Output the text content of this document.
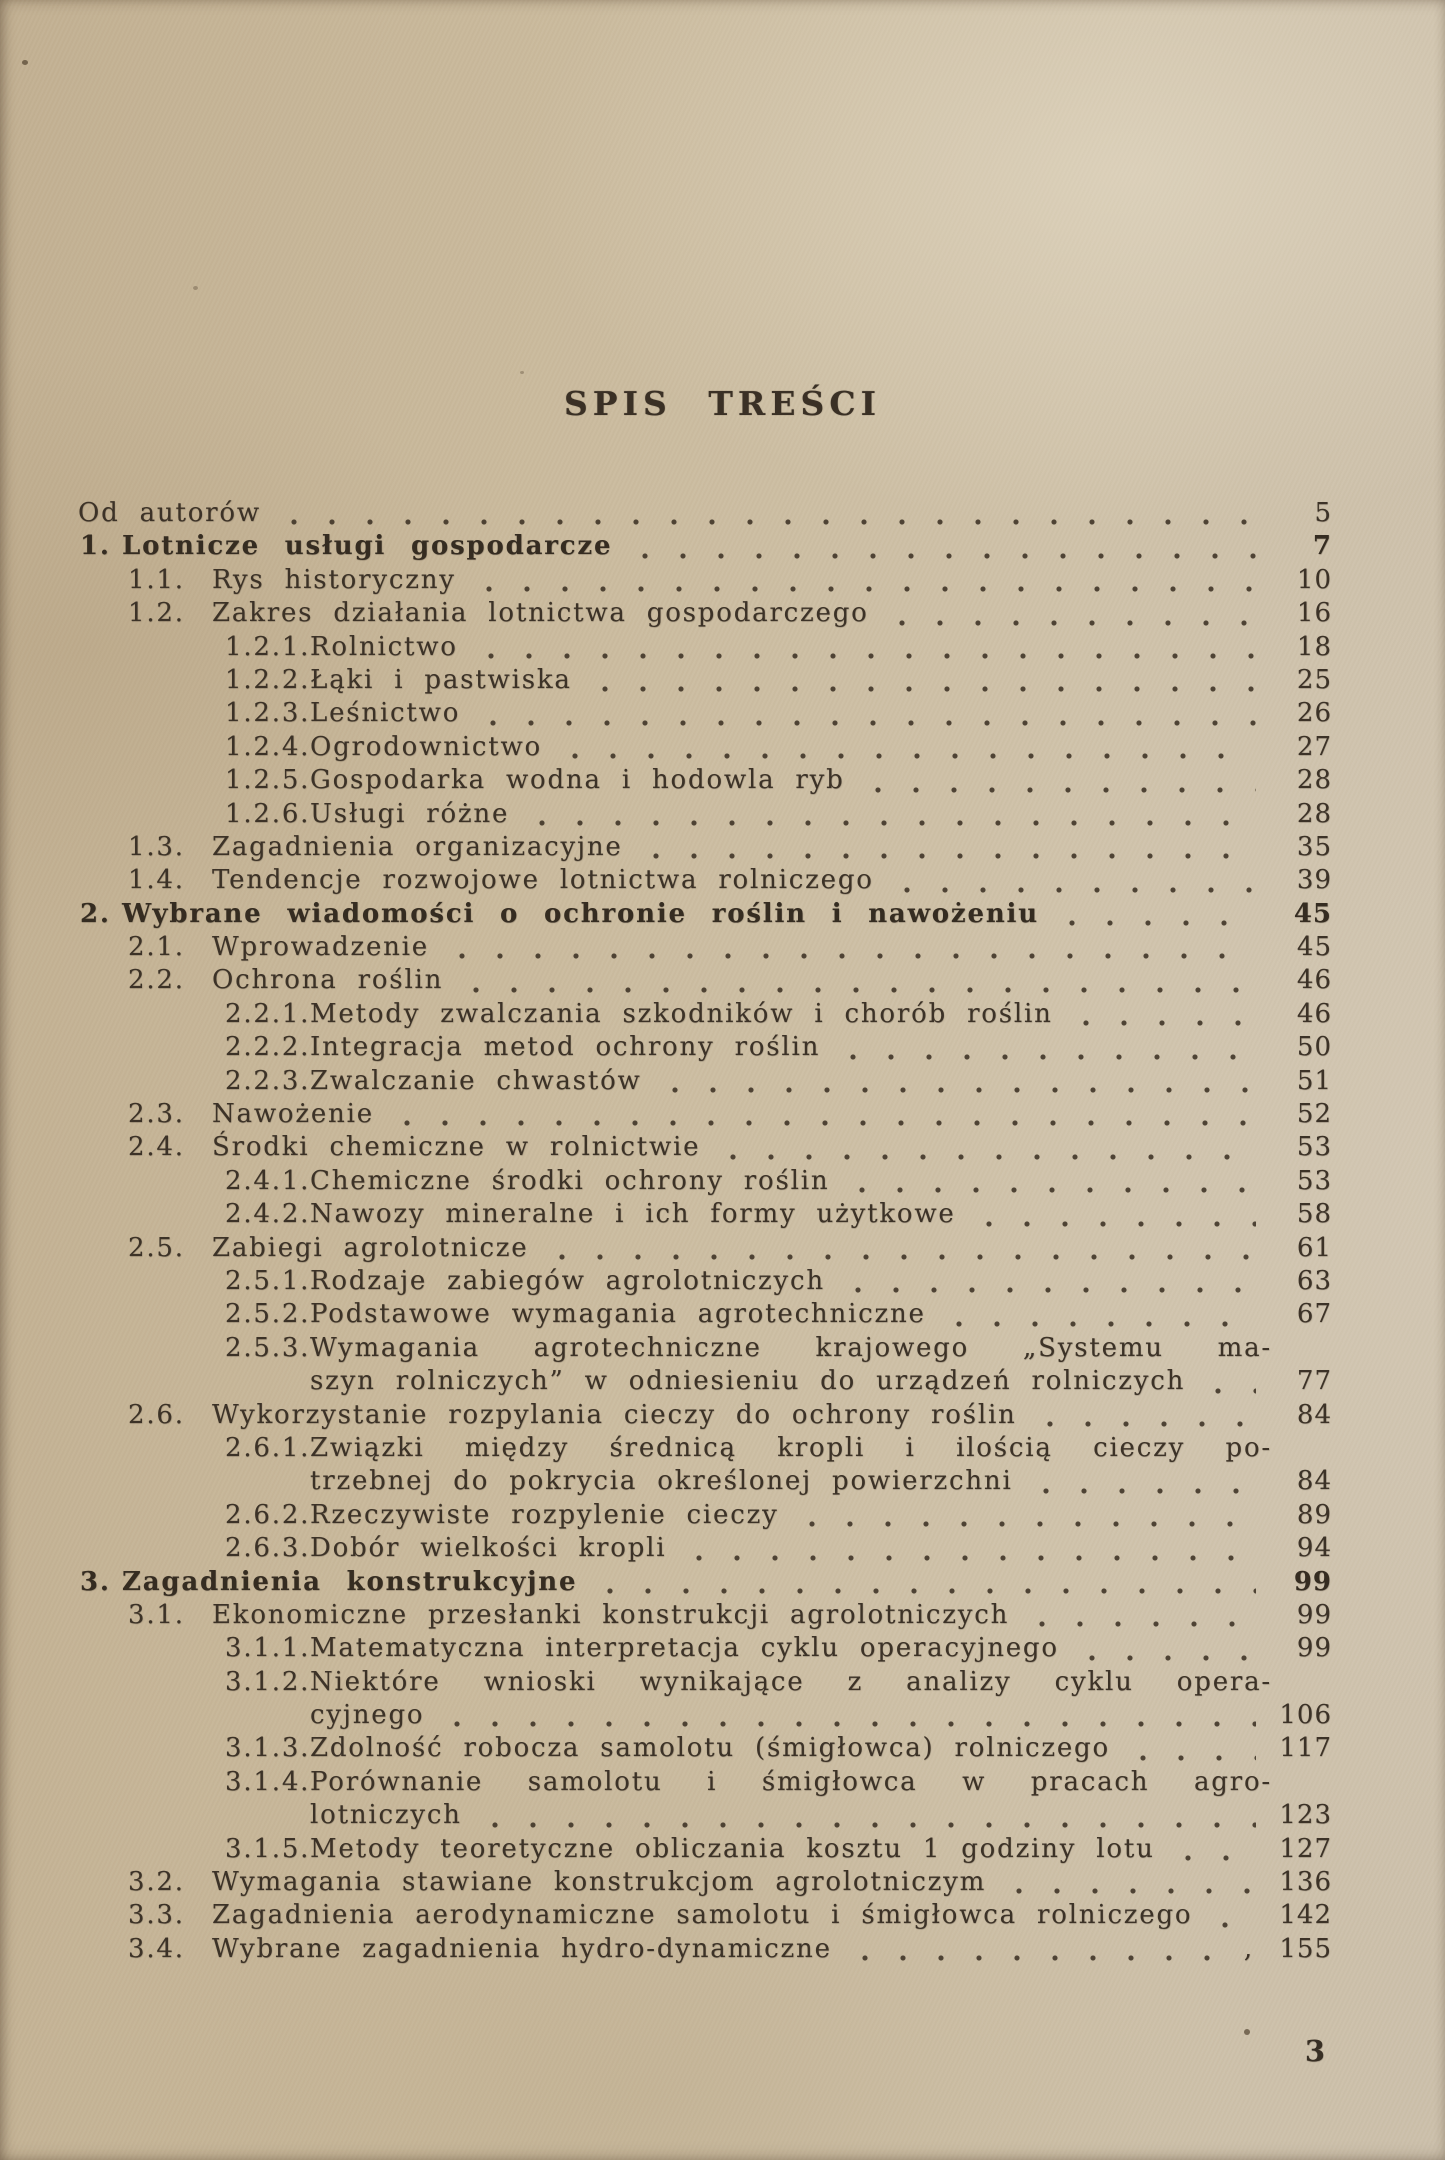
SPIS TREŚCI
Od autorów	5
1. Lotnicze usługi gospodarcze	7
1.1.	Rys historyczny	10
1.2.	Zakres działania lotnictwa gospodarczego	16
1.2.1. Rolnictwo	18
1.2.2. Łąki i pastwiska	25
1.2.3. Leśnictwo	26
1.2.4. Ogrodownictwo	27
1.2.5. Gospodarka wodna i hodowla ryb	28
1.2.6. Usługi różne	28
1.3.	Zagadnienia organizacyjne	35
1.4.	Tendencje rozwojowe lotnictwa rolniczego	39
2. Wybrane wiadomości o ochronie roślin i nawożeniu	45
2.1.	Wprowadzenie	45
2.2.	Ochrona roślin	46
2.2.1. Metody zwalczania szkodników i chorób roślin	46
2.2.2. Integracja metod ochrony roślin	50
2.2.3. Zwalczanie chwastów	51
2.3.	Nawożenie	52
2.4.	Środki chemiczne w rolnictwie	53
2.4.1. Chemiczne środki ochrony roślin	53
2.4.2. Nawozy mineralne i ich formy użytkowe	58
2.5.	Zabiegi agrolotnicze	61
2.5.1. Rodzaje zabiegów agrolotniczych	63
2.5.2. Podstawowe wymagania agrotechniczne	67
2.5.3. Wymagania agrotechniczne krajowego „Systemu ma-
szyn rolniczych” w odniesieniu do urządzeń rolniczych	77
2.6.	Wykorzystanie rozpylania cieczy do ochrony roślin	84
2.6.1. Związki między średnicą kropli i ilością cieczy po-
trzebnej do pokrycia określonej powierzchni	84
2.6.2. Rzeczywiste rozpylenie cieczy	89
2.6.3. Dobór wielkości kropli	94
3. Zagadnienia konstrukcyjne	99
3.1.	Ekonomiczne przesłanki konstrukcji agrolotniczych	99
3.1.1. Matematyczna interpretacja cyklu operacyjnego	99
3.1.2. Niektóre wnioski wynikające z analizy cyklu opera-
cyjnego	106
3.1.3. Zdolność robocza samolotu (śmigłowca) rolniczego	117
3.1.4. Porównanie samolotu i śmigłowca w pracach agro-
lotniczych	123
3.1.5. Metody teoretyczne obliczania kosztu 1 godziny lotu	127
3.2.	Wymagania stawiane konstrukcjom agrolotniczym	136
3.3.	Zagadnienia aerodynamiczne samolotu i śmigłowca rolniczego	142
3.4.	Wybrane zagadnienia hydro-dynamiczne	, 155
3
